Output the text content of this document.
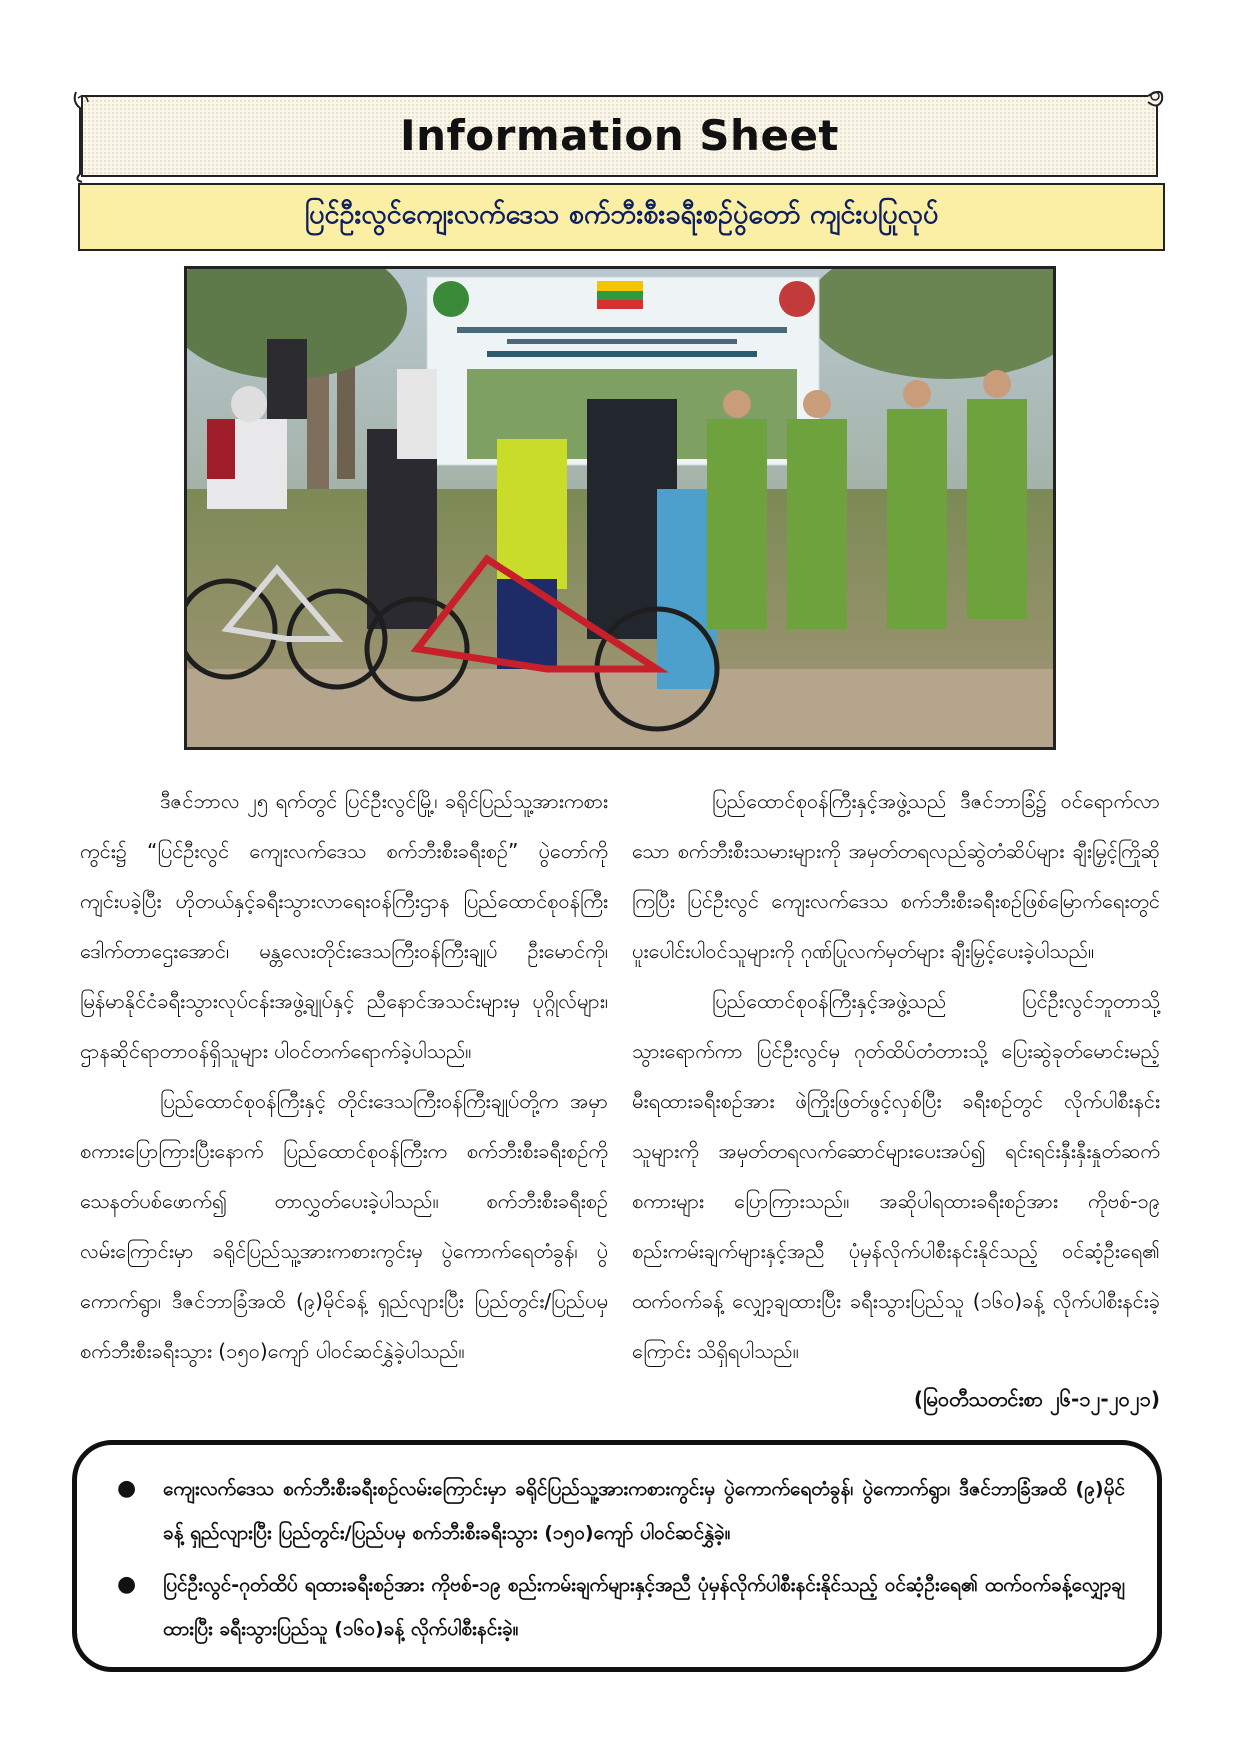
Information Sheet
ပြင်ဦးလွင်ကျေးလက်ဒေသ စက်ဘီးစီးခရီးစဉ်ပွဲတော် ကျင်းပပြုလုပ်

ဒီဇင်ဘာလ ၂၅ ရက်တွင် ပြင်ဦးလွင်မြို့၊ ခရိုင်ပြည်သူ့အားကစားကွင်း၌ “ပြင်ဦးလွင် ကျေးလက်ဒေသ စက်ဘီးစီးခရီးစဉ်” ပွဲတော်ကို ကျင်းပခဲ့ပြီး ဟိုတယ်နှင့်ခရီးသွားလာရေးဝန်ကြီးဌာန ပြည်ထောင်စုဝန်ကြီး ဒေါက်တာဌေးအောင်၊ မန္တလေးတိုင်းဒေသကြီးဝန်ကြီးချုပ် ဦးမောင်ကို၊ မြန်မာနိုင်ငံခရီးသွားလုပ်ငန်းအဖွဲ့ချုပ်နှင့် ညီနောင်အသင်းများမှ ပုဂ္ဂိုလ်များ၊ ဌာနဆိုင်ရာတာဝန်ရှိသူများ ပါဝင်တက်ရောက်ခဲ့ပါသည်။

ပြည်ထောင်စုဝန်ကြီးနှင့် တိုင်းဒေသကြီးဝန်ကြီးချုပ်တို့က အမှာစကားပြောကြားပြီးနောက် ပြည်ထောင်စုဝန်ကြီးက စက်ဘီးစီးခရီးစဉ်ကို သေနတ်ပစ်ဖောက်၍ တာလွှတ်ပေးခဲ့ပါသည်။ စက်ဘီးစီးခရီးစဉ်လမ်းကြောင်းမှာ ခရိုင်ပြည်သူ့အားကစားကွင်းမှ ပွဲကောက်ရေတံခွန်၊ ပွဲကောက်ရွာ၊ ဒီဇင်ဘာခြံအထိ (၉)မိုင်ခန့် ရှည်လျားပြီး ပြည်တွင်း/ပြည်ပမှ စက်ဘီးစီးခရီးသွား (၁၅၀)ကျော် ပါဝင်ဆင်နွှဲခဲ့ပါသည်။

ပြည်ထောင်စုဝန်ကြီးနှင့်အဖွဲ့သည် ဒီဇင်ဘာခြံ၌ ဝင်ရောက်လာသော စက်ဘီးစီးသမားများကို အမှတ်တရလည်ဆွဲတံဆိပ်များ ချီးမြှင့်ကြိုဆိုကြပြီး ပြင်ဦးလွင် ကျေးလက်ဒေသ စက်ဘီးစီးခရီးစဉ်ဖြစ်မြောက်ရေးတွင် ပူးပေါင်းပါဝင်သူများကို ဂုဏ်ပြုလက်မှတ်များ ချီးမြှင့်ပေးခဲ့ပါသည်။

ပြည်ထောင်စုဝန်ကြီးနှင့်အဖွဲ့သည် ပြင်ဦးလွင်ဘူတာသို့ သွားရောက်ကာ ပြင်ဦးလွင်မှ ဂုတ်ထိပ်တံတားသို့ ပြေးဆွဲခုတ်မောင်းမည့် မီးရထားခရီးစဉ်အား ဖဲကြိုးဖြတ်ဖွင့်လှစ်ပြီး ခရီးစဉ်တွင် လိုက်ပါစီးနင်းသူများကို အမှတ်တရလက်ဆောင်များပေးအပ်၍ ရင်းရင်းနှီးနှီးနှုတ်ဆက်စကားများ ပြောကြားသည်။ အဆိုပါရထားခရီးစဉ်အား ကိုဗစ်-၁၉ စည်းကမ်းချက်များနှင့်အညီ ပုံမှန်လိုက်ပါစီးနင်းနိုင်သည့် ဝင်ဆံ့ဦးရေ၏ ထက်ဝက်ခန့် လျှော့ချထားပြီး ခရီးသွားပြည်သူ (၁၆၀)ခန့် လိုက်ပါစီးနင်းခဲ့ကြောင်း သိရှိရပါသည်။

(မြဝတီသတင်းစာ ၂၆-၁၂-၂၀၂၁)
● ကျေးလက်ဒေသ စက်ဘီးစီးခရီးစဉ်လမ်းကြောင်းမှာ ခရိုင်ပြည်သူ့အားကစားကွင်းမှ ပွဲကောက်ရေတံခွန်၊ ပွဲကောက်ရွာ၊ ဒီဇင်ဘာခြံအထိ (၉)မိုင်ခန့် ရှည်လျားပြီး ပြည်တွင်း/ပြည်ပမှ စက်ဘီးစီးခရီးသွား (၁၅၀)ကျော် ပါဝင်ဆင်နွှဲခဲ့။
● ပြင်ဦးလွင်-ဂုတ်ထိပ် ရထားခရီးစဉ်အား ကိုဗစ်-၁၉ စည်းကမ်းချက်များနှင့်အညီ ပုံမှန်လိုက်ပါစီးနင်းနိုင်သည့် ဝင်ဆံ့ဦးရေ၏ ထက်ဝက်ခန့်လျှော့ချထားပြီး ခရီးသွားပြည်သူ (၁၆၀)ခန့် လိုက်ပါစီးနင်းခဲ့။
